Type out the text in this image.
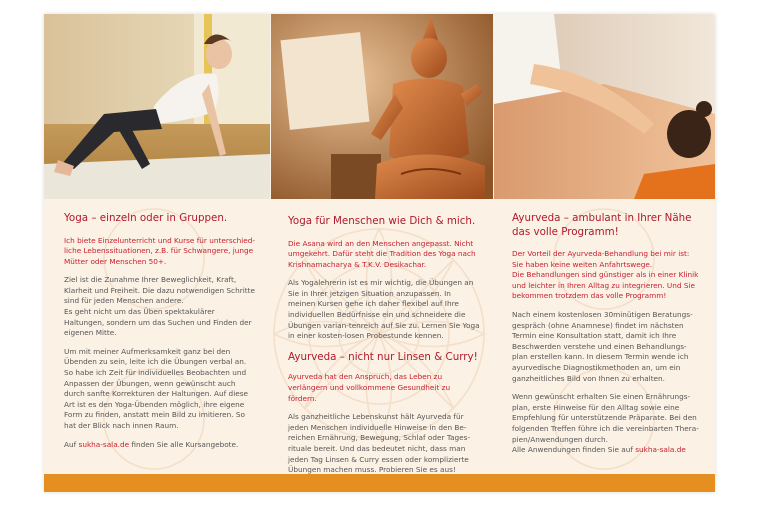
Yoga – einzeln oder in Gruppen.

Ich biete Einzelunterricht und Kurse für unterschied-liche Lebenssituationen, z.B. für Schwangere, junge Mütter oder Menschen 50+.

Ziel ist die Zunahme Ihrer Beweglichkeit, Kraft, Klarheit und Freiheit. Die dazu notwendigen Schritte sind für jeden Menschen andere.
Es geht nicht um das Üben spektakulärer Haltungen, sondern um das Suchen und Finden der eigenen Mitte.

Um mit meiner Aufmerksamkeit ganz bei den Übenden zu sein, leite ich die Übungen verbal an. So habe ich Zeit für individuelles Beobachten und Anpassen der Übungen, wenn gewünscht auch durch sanfte Korrekturen der Haltungen. Auf diese Art ist es den Yoga-Übenden möglich, ihre eigene Form zu finden, anstatt mein Bild zu imitieren. So hat der Blick nach innen Raum.

Auf sukha-sala.de finden Sie alle Kursangebote.

Yoga für Menschen wie Dich & mich.

Die Asana wird an den Menschen angepasst. Nicht umgekehrt. Dafür steht die Tradition des Yoga nach Krishnamacharya & T.K.V. Desikachar.

Als Yogalehrerin ist es mir wichtig, die Übungen an Sie in Ihrer jetzigen Situation anzupassen. In meinen Kursen gehe ich daher flexibel auf Ihre individuellen Bedürfnisse ein und schneidere die Übungen varian-tenreich auf Sie zu. Lernen Sie Yoga in einer kosten-losen Probestunde kennen.

Ayurveda – nicht nur Linsen & Curry!

Ayurveda hat den Anspruch, das Leben zu verlängern und vollkommene Gesundheit zu fördern.

Als ganzheitliche Lebenskunst hält Ayurveda für jeden Menschen individuelle Hinweise in den Be-reichen Ernährung, Bewegung, Schlaf oder Tages-rituale bereit. Und das bedeutet nicht, dass man jeden Tag Linsen & Curry essen oder komplizierte Übungen machen muss. Probieren Sie es aus!

Ayurveda – ambulant in Ihrer Nähe das volle Programm!

Der Vorteil der Ayurveda-Behandlung bei mir ist: Sie haben keine weiten Anfahrtswege.
Die Behandlungen sind günstiger als in einer Klinik und leichter in Ihren Alltag zu integrieren. Und Sie bekommen trotzdem das volle Programm!

Nach einem kostenlosen 30minütigen Beratungs-gespräch (ohne Anamnese) findet im nächsten Termin eine Konsultation statt, damit ich Ihre Beschwerden verstehe und einen Behandlungs-plan erstellen kann. In diesem Termin wende ich ayurvedische Diagnostikmethoden an, um ein ganzheitliches Bild von Ihnen zu erhalten.

Wenn gewünscht erhalten Sie einen Ernährungs-plan, erste Hinweise für den Alltag sowie eine Empfehlung für unterstützende Präparate. Bei den folgenden Treffen führe ich die vereinbarten Thera-pien/Anwendungen durch.
Alle Anwendungen finden Sie auf sukha-sala.de
